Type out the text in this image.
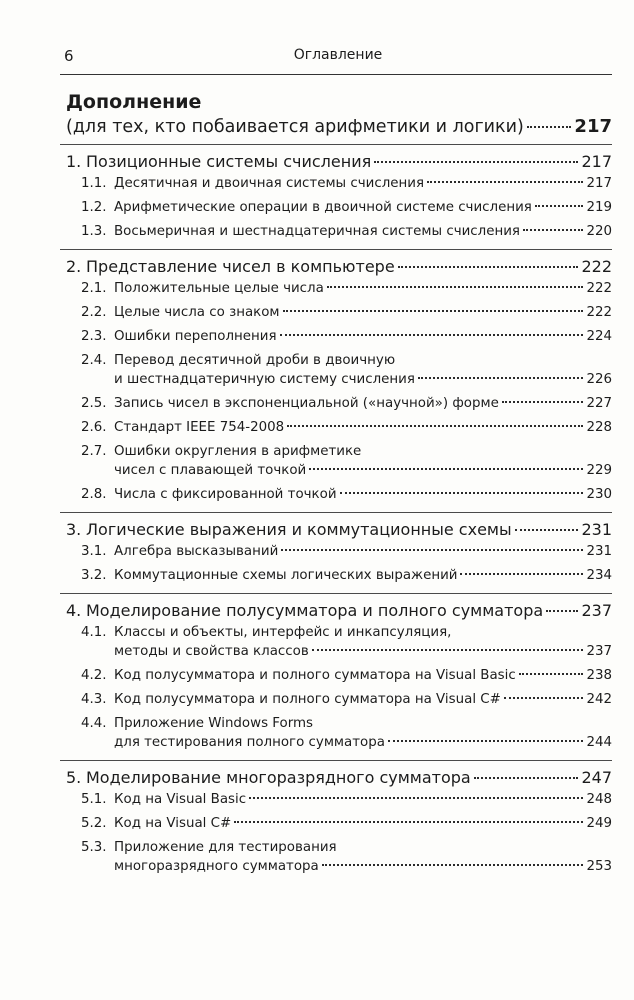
6	Оглавление
Дополнение
(для тех, кто побаивается арифметики и логики)	217
1. Позиционные системы счисления	217
1.1. Десятичная и двоичная системы счисления	217
1.2. Арифметические операции в двоичной системе счисления	219
1.3. Восьмеричная и шестнадцатеричная системы счисления	220
2. Представление чисел в компьютере	222
2.1. Положительные целые числа	222
2.2. Целые числа со знаком	222
2.3. Ошибки переполнения	224
2.4. Перевод десятичной дроби в двоичную
и шестнадцатеричную систему счисления	226
2.5. Запись чисел в экспоненциальной («научной») форме	227
2.6. Стандарт IEEE 754-2008	228
2.7. Ошибки округления в арифметике
чисел с плавающей точкой	229
2.8. Числа с фиксированной точкой	230
3. Логические выражения и коммутационные схемы	231
3.1. Алгебра высказываний	231
3.2. Коммутационные схемы логических выражений	234
4. Моделирование полусумматора и полного сумматора 237
4.1. Классы и объекты, интерфейс и инкапсуляция,
методы и свойства классов	237
4.2. Код полусумматора и полного сумматора на Visual Basic	238
4.3. Код полусумматора и полного сумматора на Visual C#	242
4.4. Приложение Windows Forms
для тестирования полного сумматора	244
5. Моделирование многоразрядного сумматора	247
5.1. Код на Visual Basic	248
5.2. Код на Visual C#	249
5.3. Приложение для тестирования
многоразрядного сумматора	253
